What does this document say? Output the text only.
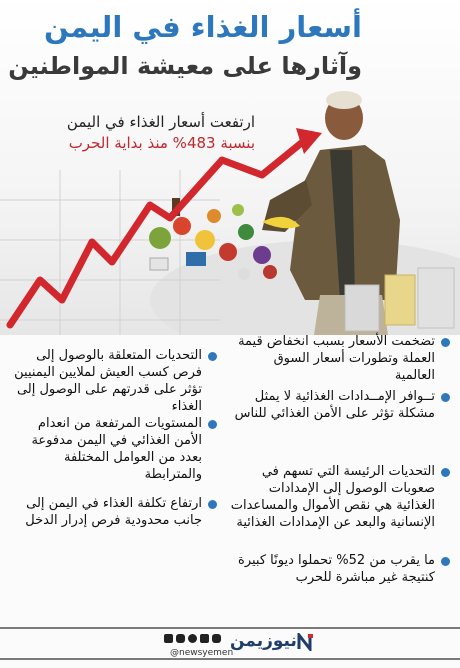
أسعار الغذاء في اليمن
وآثارها على معيشة المواطنين
ارتفعت أسعار الغذاء في اليمن
بنسبة 483% منذ بداية الحرب
التحديات المتعلقة بالوصول إلى فرص كسب العيش لملايين اليمنيين تؤثر على قدرتهم على الوصول إلى الغذاء
المستويات المرتفعة من انعدام الأمن الغذائي في اليمن مدفوعة بعدد من العوامل المختلفة والمترابطة
ارتفاع تكلفة الغذاء في اليمن إلى جانب محدودية فرص إدرار الدخل
تضخمت الأسعار بسبب انخفاض قيمة العملة وتطورات أسعار السوق العالمية
تــوافر الإمــدادات الغذائية لا يمثل مشكلة تؤثر على الأمن الغذائي للناس
التحديات الرئيسة التي تسهم في صعوبات الوصول إلى الإمدادات الغذائية هي نقص الأموال والمساعدات الإنسانية والبعد عن الإمدادات الغذائية
ما يقرب من 52% تحملوا ديونًا كبيرة كنتيجة غير مباشرة للحرب
@newsyemen
نيوزيمن
